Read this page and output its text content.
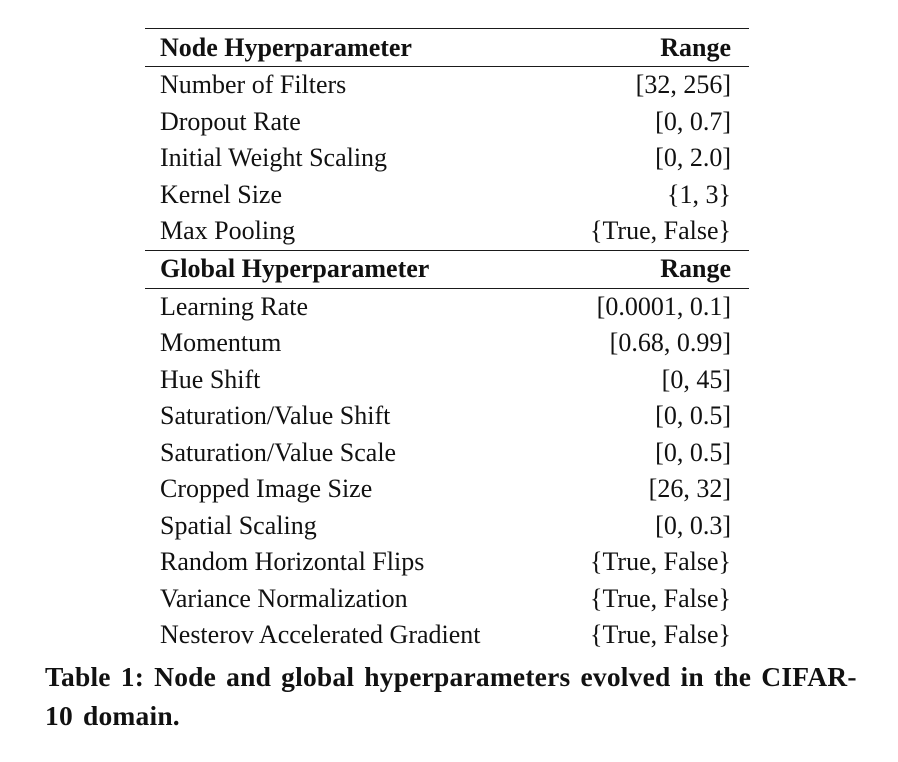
Node Hyperparameter	Range
Number of Filters	[32, 256]
Dropout Rate	[0, 0.7]
Initial Weight Scaling	[0, 2.0]
Kernel Size	{1, 3}
Max Pooling	{True, False}
Global Hyperparameter	Range
Learning Rate	[0.0001, 0.1]
Momentum	[0.68, 0.99]
Hue Shift	[0, 45]
Saturation/Value Shift	[0, 0.5]
Saturation/Value Scale	[0, 0.5]
Cropped Image Size	[26, 32]
Spatial Scaling	[0, 0.3]
Random Horizontal Flips	{True, False}
Variance Normalization	{True, False}
Nesterov Accelerated Gradient	{True, False}
Table 1: Node and global hyperparameters evolved in the CIFAR-10 domain.
